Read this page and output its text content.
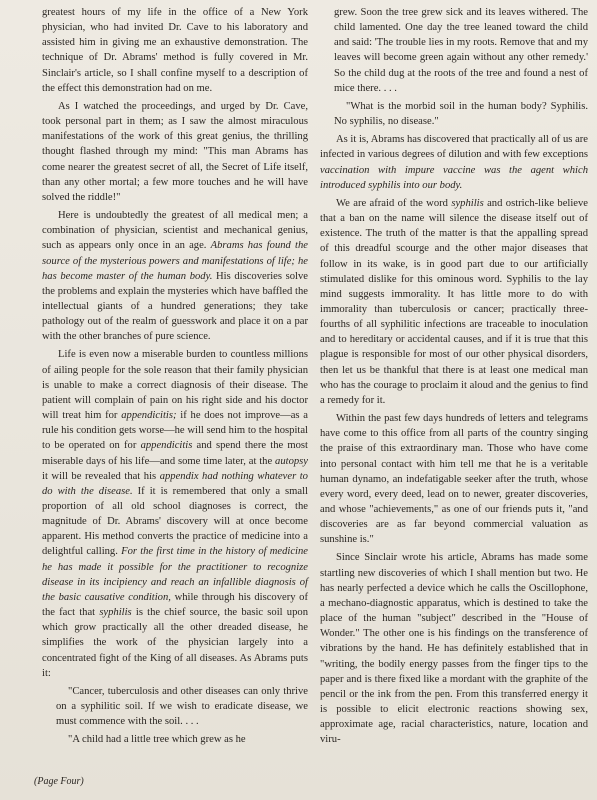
greatest hours of my life in the office of a New York physician, who had invited Dr. Cave to his laboratory and assisted him in giving me an exhaustive demonstration. The technique of Dr. Abrams' method is fully covered in Mr. Sinclair's article, so I shall confine myself to a description of the effect this demonstration had on me.

As I watched the proceedings, and urged by Dr. Cave, took personal part in them; as I saw the almost miraculous manifestations of the work of this great genius, the thrilling thought flashed through my mind: "This man Abrams has come nearer the greatest secret of all, the Secret of Life itself, than any other mortal; a few more touches and he will have solved the riddle!"

Here is undoubtedly the greatest of all medical men; a combination of physician, scientist and mechanical genius, such as appears only once in an age. Abrams has found the source of the mysterious powers and manifestations of life; he has become master of the human body. His discoveries solve the problems and explain the mysteries which have baffled the intellectual giants of a hundred generations; they take pathology out of the realm of guesswork and place it on a par with the other branches of pure science.

Life is even now a miserable burden to countless millions of ailing people for the sole reason that their family physician is unable to make a correct diagnosis of their disease. The patient will complain of pain on his right side and his doctor will treat him for appendicitis; if he does not improve—as a rule his condition gets worse—he will send him to the hospital to be operated on for appendicitis and spend there the most miserable days of his life—and some time later, at the autopsy it will be revealed that his appendix had nothing whatever to do with the disease. If it is remembered that only a small proportion of all old school diagnoses is correct, the magnitude of Dr. Abrams' discovery will at once become apparent. His method converts the practice of medicine into a delightful calling. For the first time in the history of medicine he has made it possible for the practitioner to recognize disease in its incipiency and reach an infallible diagnosis of the basic causative condition, while through his discovery of the fact that syphilis is the chief source, the basic soil upon which grow practically all the other dreaded disease, he simplifies the work of the physician largely into a concentrated fight of the King of all diseases. As Abrams puts it:

"Cancer, tuberculosis and other diseases can only thrive on a syphilitic soil. If we wish to eradicate disease, we must commence with the soil. . . .

"A child had a little tree which grew as he

grew. Soon the tree grew sick and its leaves withered. The child lamented. One day the tree leaned toward the child and said: 'The trouble lies in my roots. Remove that and my leaves will become green again without any other remedy.' So the child dug at the roots of the tree and found a nest of mice there. . . .

"What is the morbid soil in the human body? Syphilis. No syphilis, no disease."

As it is, Abrams has discovered that practically all of us are infected in various degrees of dilution and with few exceptions vaccination with impure vaccine was the agent which introduced syphilis into our body.

We are afraid of the word syphilis and ostrich-like believe that a ban on the name will silence the disease itself out of existence. The truth of the matter is that the appalling spread of this dreadful scourge and the other major diseases that follow in its wake, is in good part due to our artificially stimulated dislike for this ominous word. Syphilis to the lay mind suggests immorality. It has little more to do with immorality than tuberculosis or cancer; practically three-fourths of all syphilitic infections are traceable to inoculation and to hereditary or accidental causes, and if it is true that this plague is responsible for most of our other physical disorders, then let us be thankful that there is at least one medical man who has the courage to proclaim it aloud and the genius to find a remedy for it.

Within the past few days hundreds of letters and telegrams have come to this office from all parts of the country singing the praise of this extraordinary man. Those who have come into personal contact with him tell me that he is a veritable human dynamo, an indefatigable seeker after the truth, whose every word, every deed, lead on to newer, greater discoveries, and whose "achievements," as one of our friends puts it, "and discoveries are as far beyond commercial valuation as sunshine is."

Since Sinclair wrote his article, Abrams has made some startling new discoveries of which I shall mention but two. He has nearly perfected a device which he calls the Oscillophone, a mechano-diagnostic apparatus, which is destined to take the place of the human "subject" described in the "House of Wonder." The other one is his findings on the transference of vibrations by the hand. He has definitely established that in "writing, the bodily energy passes from the finger tips to the paper and is there fixed like a mordant with the graphite of the pencil or the ink from the pen. From this transferred energy it is possible to elicit electronic reactions showing sex, approximate age, racial characteristics, nature, location and viru-

(Page Four)
